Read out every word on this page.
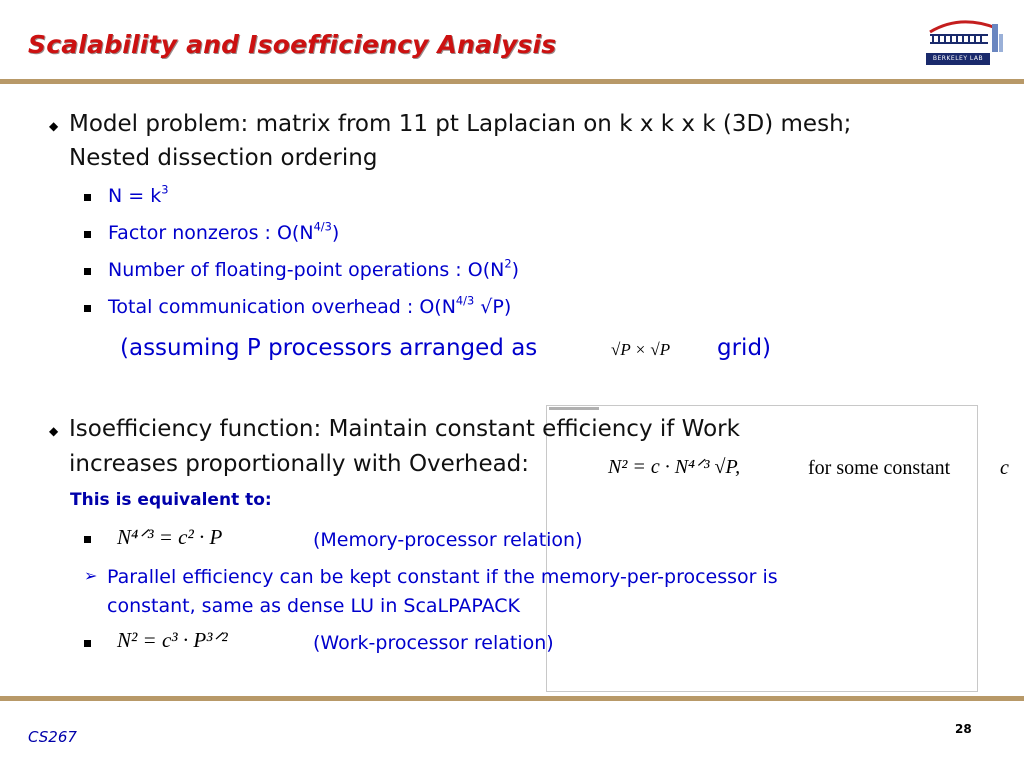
Scalability and Isoefficiency Analysis	BERKELEY LAB
◆ Model problem: matrix from 11 pt Laplacian on k x k x k (3D) mesh;
Nested dissection ordering
$N = k^3$
Factor nonzeros : $O(N^{4/3})$
Number of floating-point operations : $O(N^2)$
Total communication overhead : $O(N^{4/3}$ √P)
(assuming P processors arranged as	√P × √P grid)
◆ Isoefficiency function: Maintain constant efficiency if Work
increases proportionally with Overhead:	N² = c · N⁴ᐟ³ √P,	for some constant c
This is equivalent to:
N⁴ᐟ³ = c² · P	(Memory-processor relation)
➢ Parallel efficiency can be kept constant if the memory-per-processor is
constant, same as dense LU in ScaLPAPACK
N² = c³ · P³ᐟ²	(Work-processor relation)
CS267	28
